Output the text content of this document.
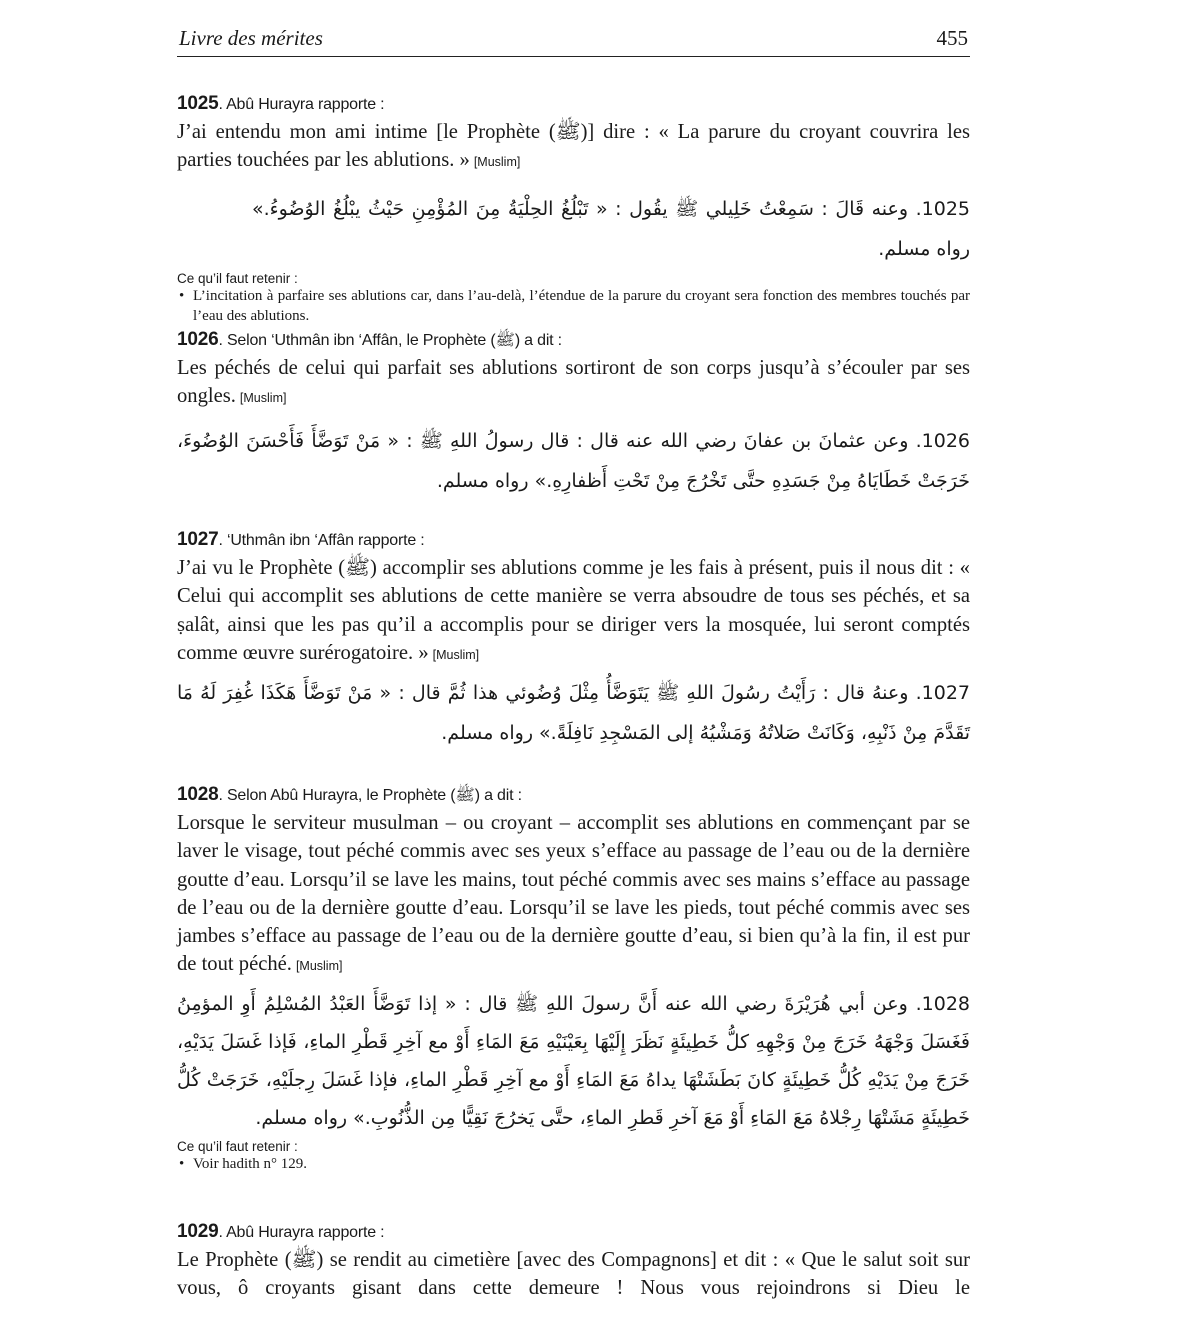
Livre des mérites	455
1025. Abû Hurayra rapporte :

J’ai entendu mon ami intime [le Prophète (ﷺ)] dire : « La parure du croyant couvrira les parties touchées par les ablutions. » [Muslim]

1025. وعنه قَالَ : سَمِعْتُ خَلِيلي ﷺ يقُول : « تَبْلُغُ الحِلْيَةُ مِنَ المُؤْمِنِ حَيْثُ يبْلُغُ الوُضُوءُ.» رواه مسلم.

Ce qu’il faut retenir :
• L’incitation à parfaire ses ablutions car, dans l’au-delà, l’étendue de la parure du croyant sera fonction des membres touchés par l’eau des ablutions.
1026. Selon ‘Uthmân ibn ‘Affân, le Prophète (ﷺ) a dit :

Les péchés de celui qui parfait ses ablutions sortiront de son corps jusqu’à s’écouler par ses ongles. [Muslim]

1026. وعن عثمانَ بن عفانَ رضي الله عنه قال : قال رسولُ اللهِ ﷺ : « مَنْ تَوَضَّأَ فَأَحْسَنَ الوُضُوءَ، خَرَجَتْ خَطَايَاهُ مِنْ جَسَدِهِ حتَّى تَخْرُجَ مِنْ تَحْتِ أَظفارِهِ.» رواه مسلم.

1027. ‘Uthmân ibn ‘Affân rapporte :

J’ai vu le Prophète (ﷺ) accomplir ses ablutions comme je les fais à présent, puis il nous dit : « Celui qui accomplit ses ablutions de cette manière se verra absoudre de tous ses péchés, et sa ṣalât, ainsi que les pas qu’il a accomplis pour se diriger vers la mosquée, lui seront comptés comme œuvre surérogatoire. » [Muslim]

1027. وعنهُ قال : رَأَيْتُ رسُولَ اللهِ ﷺ يَتَوَضَّأُ مِثْلَ وُضُوئي هذا ثُمَّ قال : « مَنْ تَوَضَّأَ هَكَذَا غُفِرَ لَهُ مَا تَقَدَّمَ مِنْ ذَنْبِهِ، وَكَانَتْ صَلاتُهُ وَمَشْيُهُ إلى المَسْجِدِ نَافِلَةً.» رواه مسلم.

1028. Selon Abû Hurayra, le Prophète (ﷺ) a dit :

Lorsque le serviteur musulman – ou croyant – accomplit ses ablutions en commençant par se laver le visage, tout péché commis avec ses yeux s’efface au passage de l’eau ou de la dernière goutte d’eau. Lorsqu’il se lave les mains, tout péché commis avec ses mains s’efface au passage de l’eau ou de la dernière goutte d’eau. Lorsqu’il se lave les pieds, tout péché commis avec ses jambes s’efface au passage de l’eau ou de la dernière goutte d’eau, si bien qu’à la fin, il est pur de tout péché. [Muslim]

1028. وعن أبي هُرَيْرَةَ رضي الله عنه أَنَّ رسولَ اللهِ ﷺ قال : « إذا تَوَضَّأَ العَبْدُ المُسْلِمُ أَوِ المؤمِنُ فَغَسَلَ وَجْهَهُ خَرَجَ مِنْ وَجْهِهِ كلُّ خَطِيئَةٍ نَظَرَ إِلَيْهَا بِعَيْنَيْهِ مَعَ المَاءِ أَوْ مع آخِرِ قَطْرِ الماءِ، فَإذا غَسَلَ يَدَيْهِ، خَرَجَ مِنْ يَدَيْهِ كُلُّ خَطِيئَةٍ كانَ بَطَشَتْهَا يداهُ مَعَ المَاءِ أَوْ مع آخِرِ قَطْرِ الماءِ، فإذا غَسَلَ رِجلَيْهِ، خَرَجَتْ كُلُّ خَطِيئَةٍ مَشَتْهَا رِجْلاهُ مَعَ المَاءِ أَوْ مَعَ آخرِ قَطرِ الماءِ، حتَّى يَخرُجَ نَقِيًّا مِن الذُّنُوبِ.» رواه مسلم.

Ce qu’il faut retenir :
• Voir hadith n° 129.
1029. Abû Hurayra rapporte :

Le Prophète (ﷺ) se rendit au cimetière [avec des Compagnons] et dit : « Que le salut soit sur vous, ô croyants gisant dans cette demeure ! Nous vous rejoindrons si Dieu le
